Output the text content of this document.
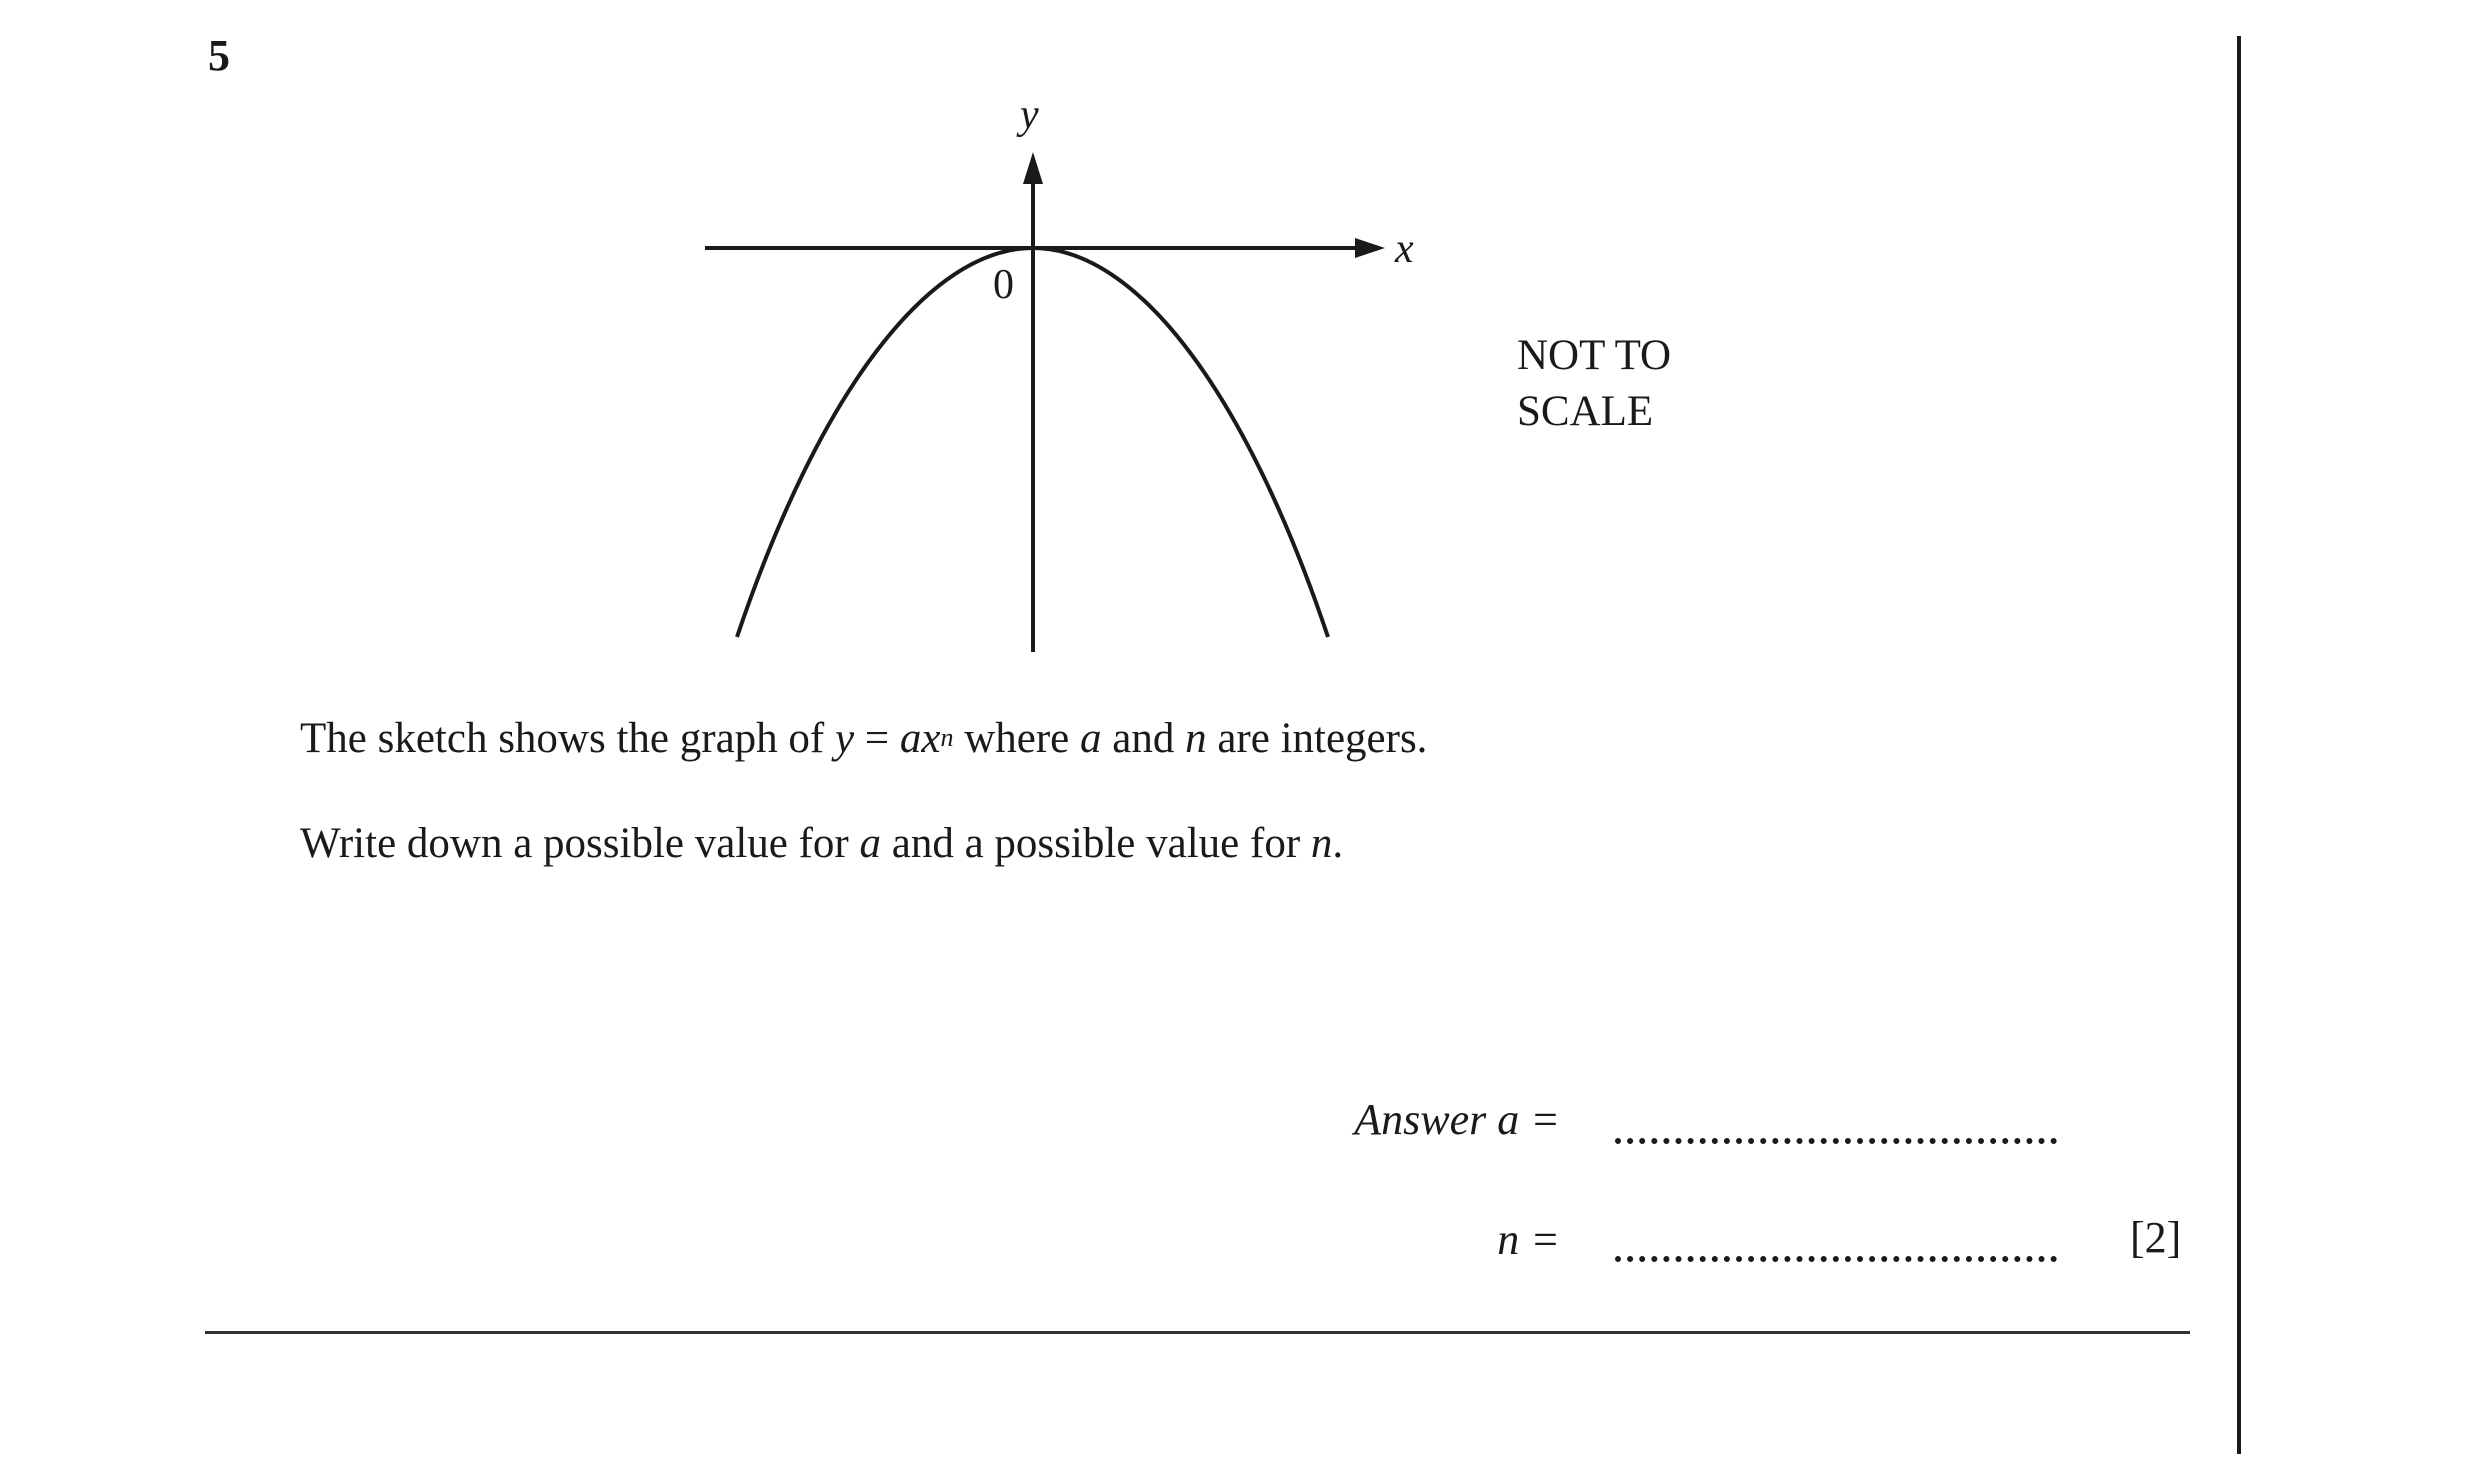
5
y
x
0
NOT TO
SCALE
The sketch shows the graph of $y = ax^n$ where a and n are integers.
Write down a possible value for a and a possible value for n.
Answer a =
n =	[2]
